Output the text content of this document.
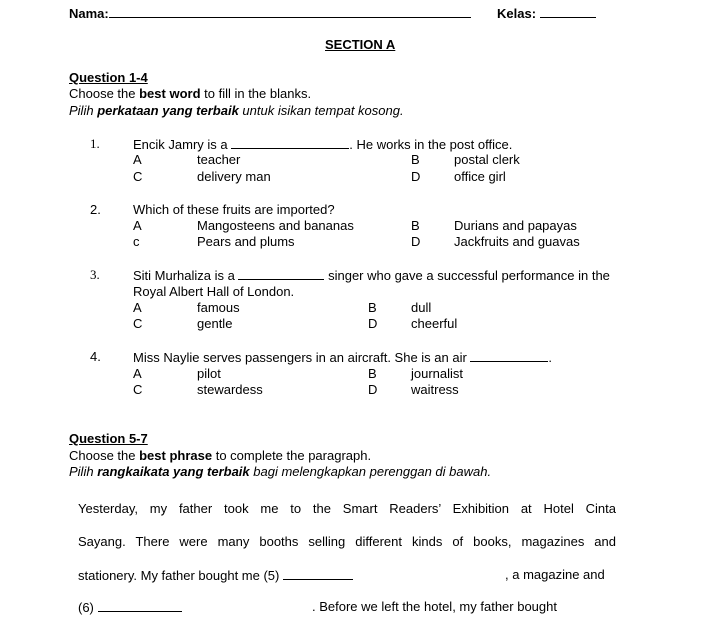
Nama:	Kelas:
SECTION A
Question 1-4
Choose the best word to fill in the blanks.
Pilih perkataan yang terbaik untuk isikan tempat kosong.
1.	Encik Jamry is a	. He works in the post office.
A	teacher	B	postal clerk
C	delivery man	D	office girl
2. Which of these fruits are imported?
A	Mangosteens and bananas	B	Durians and papayas
c	Pears and plums	D	Jackfruits and guavas
3.	Siti Murhaliza is a	singer who gave a successful performance in the
Royal Albert Hall of London.
A	famous	B	dull
C	gentle	D	cheerful
4. Miss Naylie serves passengers in an aircraft. She is an air	.
A	pilot	B	journalist
C	stewardess	D	waitress
Question 5-7
Choose the best phrase to complete the paragraph.
Pilih rangkaikata yang terbaik bagi melengkapkan perenggan di bawah.
Yesterday, my father took me to the Smart Readers’ Exhibition at Hotel Cinta
Sayang. There were many booths selling different kinds of books, magazines and
stationery. My father bought me (5)	, a magazine and
(6)	. Before we left the hotel, my father bought
